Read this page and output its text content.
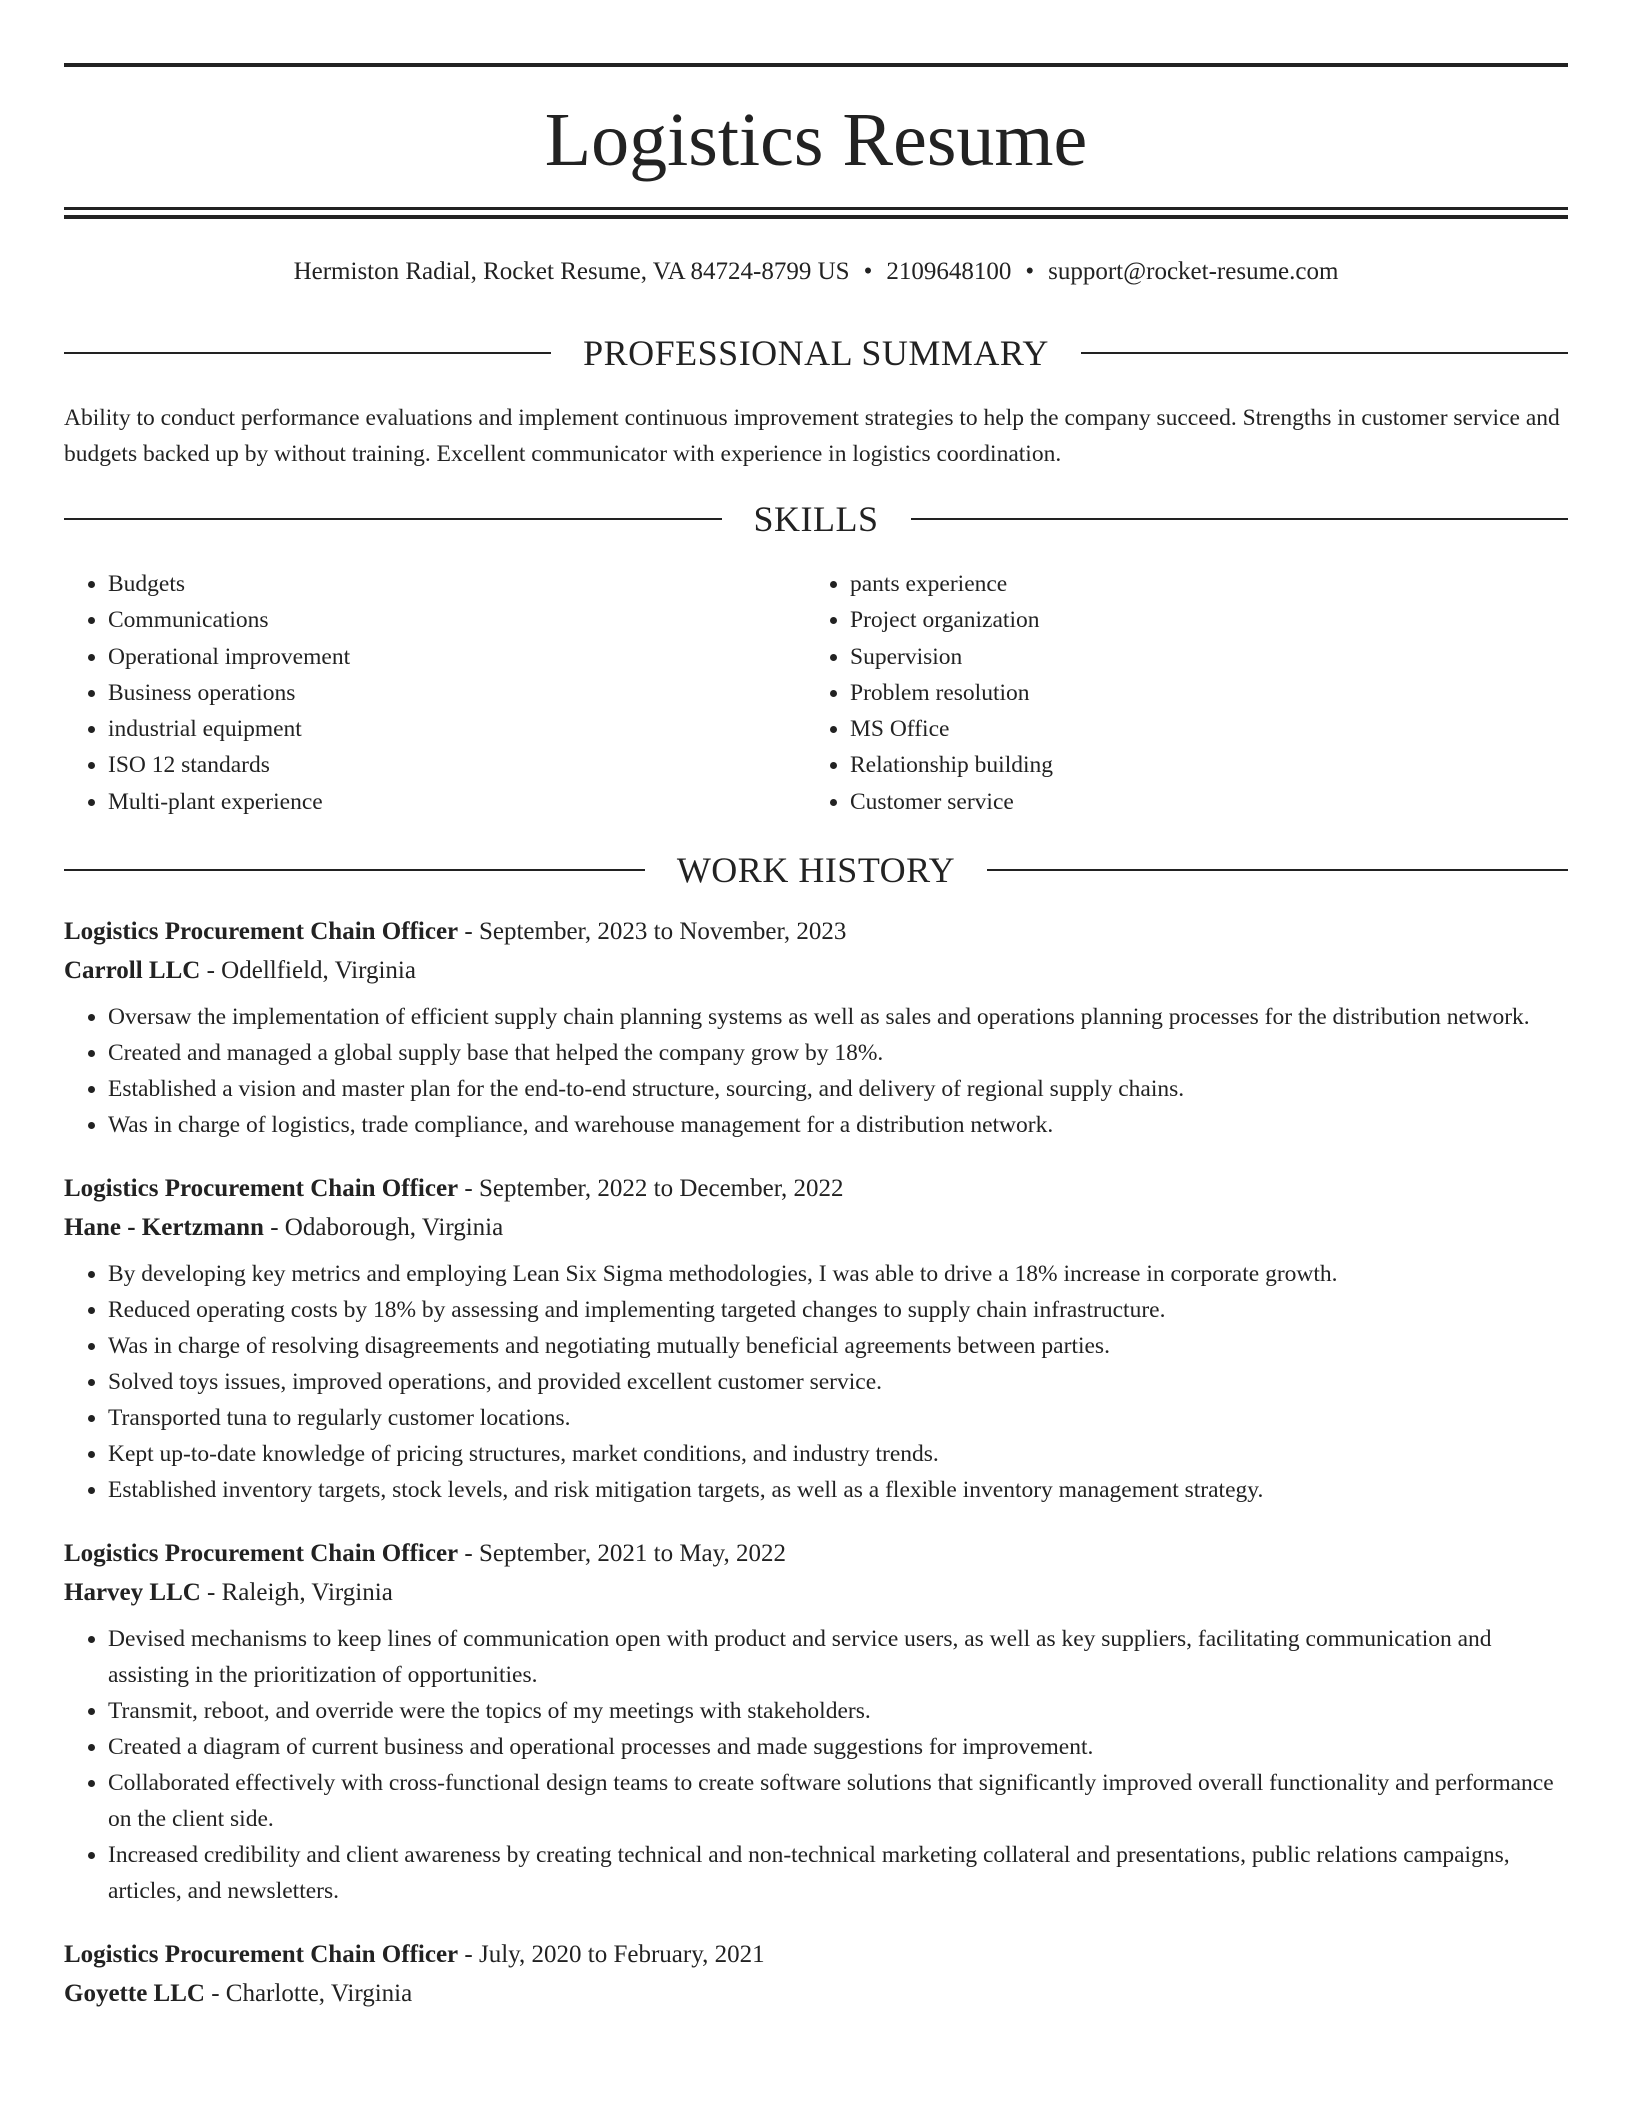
Logistics Resume
Hermiston Radial, Rocket Resume, VA 84724-8799 US • 2109648100 • support@rocket-resume.com
PROFESSIONAL SUMMARY

Ability to conduct performance evaluations and implement continuous improvement strategies to help the company succeed. Strengths in customer service and budgets backed up by without training. Excellent communicator with experience in logistics coordination.

SKILLS
• Budgets
• Communications
• Operational improvement
• Business operations
• industrial equipment
• ISO 12 standards
• Multi-plant experience
• pants experience
• Project organization
• Supervision
• Problem resolution
• MS Office
• Relationship building
• Customer service
WORK HISTORY
Logistics Procurement Chain Officer - September, 2023 to November, 2023
Carroll LLC - Odellfield, Virginia
• Oversaw the implementation of efficient supply chain planning systems as well as sales and operations planning processes for the distribution network.
• Created and managed a global supply base that helped the company grow by 18%.
• Established a vision and master plan for the end-to-end structure, sourcing, and delivery of regional supply chains.
• Was in charge of logistics, trade compliance, and warehouse management for a distribution network.
Logistics Procurement Chain Officer - September, 2022 to December, 2022
Hane - Kertzmann - Odaborough, Virginia
• By developing key metrics and employing Lean Six Sigma methodologies, I was able to drive a 18% increase in corporate growth.
• Reduced operating costs by 18% by assessing and implementing targeted changes to supply chain infrastructure.
• Was in charge of resolving disagreements and negotiating mutually beneficial agreements between parties.
• Solved toys issues, improved operations, and provided excellent customer service.
• Transported tuna to regularly customer locations.
• Kept up-to-date knowledge of pricing structures, market conditions, and industry trends.
• Established inventory targets, stock levels, and risk mitigation targets, as well as a flexible inventory management strategy.
Logistics Procurement Chain Officer - September, 2021 to May, 2022
Harvey LLC - Raleigh, Virginia
• Devised mechanisms to keep lines of communication open with product and service users, as well as key suppliers, facilitating communication and assisting in the prioritization of opportunities.
• Transmit, reboot, and override were the topics of my meetings with stakeholders.
• Created a diagram of current business and operational processes and made suggestions for improvement.
• Collaborated effectively with cross-functional design teams to create software solutions that significantly improved overall functionality and performance on the client side.
• Increased credibility and client awareness by creating technical and non-technical marketing collateral and presentations, public relations campaigns, articles, and newsletters.
Logistics Procurement Chain Officer - July, 2020 to February, 2021
Goyette LLC - Charlotte, Virginia
